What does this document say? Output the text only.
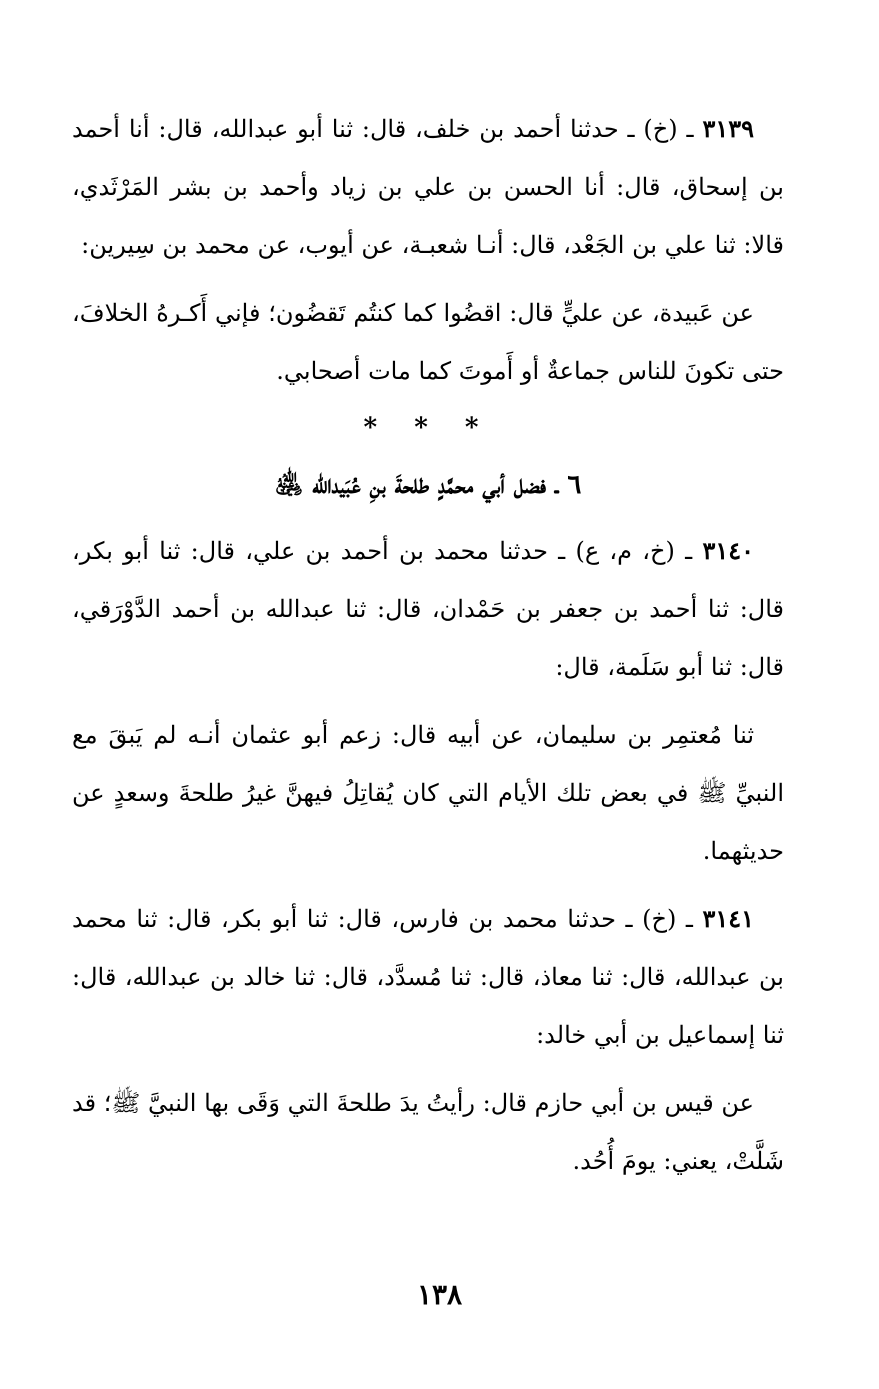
٣١٣٩ ـ (خ) ـ حدثنا أحمد بن خلف، قال: ثنا أبو عبدالله، قال: أنا أحمد بن إسحاق، قال: أنا الحسن بن علي بن زياد وأحمد بن بشر المَرْثَدي، قالا: ثنا علي بن الجَعْد، قال: أنـا شعبـة، عن أيوب، عن محمد بن سِيرين:

عن عَبيدة، عن عليٍّ قال: اقضُوا كما كنتُم تَقضُون؛ فإني أَكـرهُ الخلافَ، حتى تكونَ للناس جماعةٌ أو أَموتَ كما مات أصحابي.

* * *

٦ ـ فضل أبي محمَّدٍ طلحةَ بنِ عُبَيدالله ﵁

٣١٤٠ ـ (خ، م، ع) ـ حدثنا محمد بن أحمد بن علي، قال: ثنا أبو بكر، قال: ثنا أحمد بن جعفر بن حَمْدان، قال: ثنا عبدالله بن أحمد الدَّوْرَقي، قال: ثنا أبو سَلَمة، قال:

ثنا مُعتمِر بن سليمان، عن أبيه قال: زعم أبو عثمان أنـه لم يَبقَ مع النبيِّ ﷺ في بعض تلك الأيام التي كان يُقاتِلُ فيهنَّ غيرُ طلحةَ وسعدٍ عن حديثهما.

٣١٤١ ـ (خ) ـ حدثنا محمد بن فارس، قال: ثنا أبو بكر، قال: ثنا محمد بن عبدالله، قال: ثنا معاذ، قال: ثنا مُسدَّد، قال: ثنا خالد بن عبدالله، قال: ثنا إسماعيل بن أبي خالد:

عن قيس بن أبي حازم قال: رأيتُ يدَ طلحةَ التي وَقَى بها النبيَّ ﷺ؛ قد شَلَّتْ، يعني: يومَ أُحُد.

١٣٨
